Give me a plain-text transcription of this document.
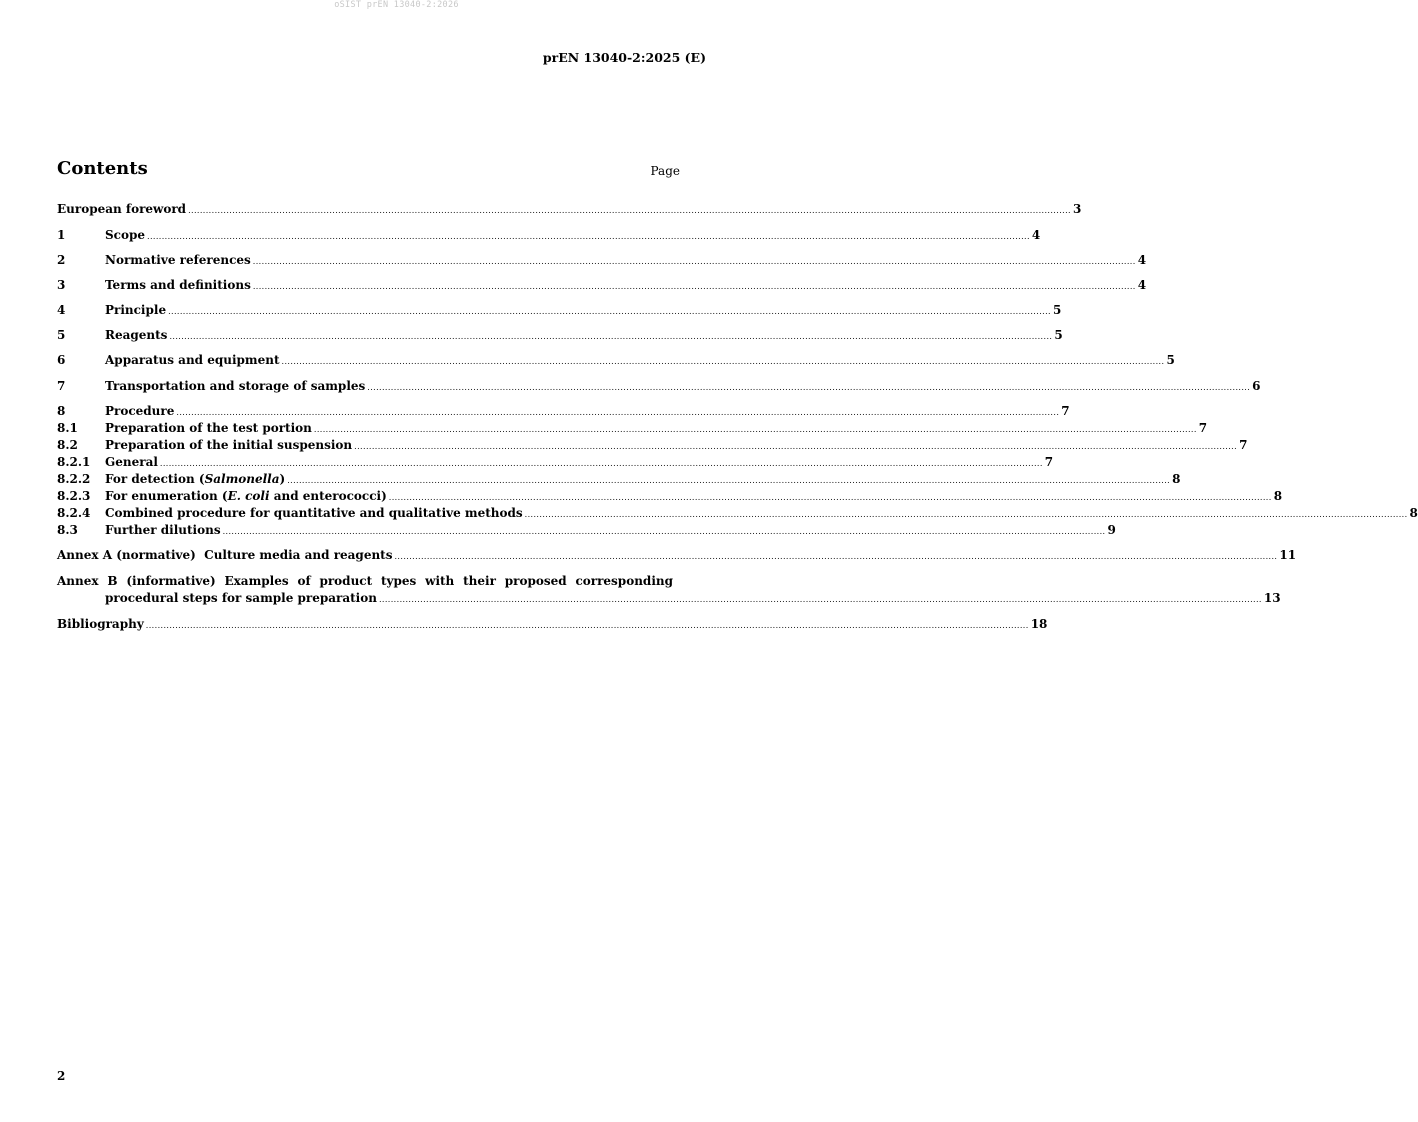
oSIST prEN 13040-2:2026
prEN 13040-2:2025 (E)
Contents	Page
European foreword ............................................................................................................................................................................................................................................................................................................ 3
1	Scope ............................................................................................................................................................................................................................................................................................................ 4
2	Normative references ............................................................................................................................................................................................................................................................................................................ 4
3	Terms and definitions ............................................................................................................................................................................................................................................................................................................ 4
4	Principle ............................................................................................................................................................................................................................................................................................................ 5
5	Reagents ............................................................................................................................................................................................................................................................................................................ 5
6	Apparatus and equipment ............................................................................................................................................................................................................................................................................................................ 5
7	Transportation and storage of samples ............................................................................................................................................................................................................................................................................................................ 6
8	Procedure ............................................................................................................................................................................................................................................................................................................ 7
8.1	Preparation of the test portion ............................................................................................................................................................................................................................................................................................................ 7
8.2	Preparation of the initial suspension ............................................................................................................................................................................................................................................................................................................ 7
8.2.1	General ............................................................................................................................................................................................................................................................................................................ 7
8.2.2	For detection (Salmonella) ............................................................................................................................................................................................................................................................................................................ 8
8.2.3	For enumeration (E. coli and enterococci) ............................................................................................................................................................................................................................................................................................................ 8
8.2.4	Combined procedure for quantitative and qualitative methods ............................................................................................................................................................................................................................................................................................................ 8
8.3	Further dilutions ............................................................................................................................................................................................................................................................................................................ 9
Annex A (normative)  Culture media and reagents ............................................................................................................................................................................................................................................................................................................ 11
Annex B (informative) Examples of product types with their proposed corresponding
procedural steps for sample preparation ............................................................................................................................................................................................................................................................................................................ 13
Bibliography ............................................................................................................................................................................................................................................................................................................ 18
2
